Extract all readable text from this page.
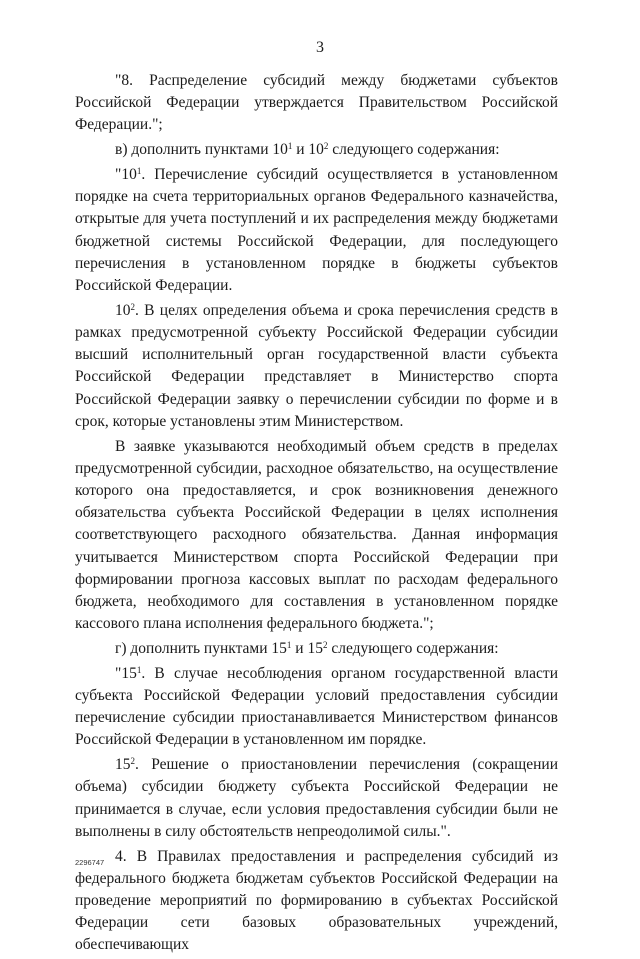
3

"8. Распределение субсидий между бюджетами субъектов Российской Федерации утверждается Правительством Российской Федерации.";

в) дополнить пунктами $10^1$ и $10^2$ следующего содержания:

"$10^1$. Перечисление субсидий осуществляется в установленном порядке на счета территориальных органов Федерального казначейства, открытые для учета поступлений и их распределения между бюджетами бюджетной системы Российской Федерации, для последующего перечисления в установленном порядке в бюджеты субъектов Российской Федерации.

$10^2$. В целях определения объема и срока перечисления средств в рамках предусмотренной субъекту Российской Федерации субсидии высший исполнительный орган государственной власти субъекта Российской Федерации представляет в Министерство спорта Российской Федерации заявку о перечислении субсидии по форме и в срок, которые установлены этим Министерством.

В заявке указываются необходимый объем средств в пределах предусмотренной субсидии, расходное обязательство, на осуществление которого она предоставляется, и срок возникновения денежного обязательства субъекта Российской Федерации в целях исполнения соответствующего расходного обязательства. Данная информация учитывается Министерством спорта Российской Федерации при формировании прогноза кассовых выплат по расходам федерального бюджета, необходимого для составления в установленном порядке кассового плана исполнения федерального бюджета.";

г) дополнить пунктами $15^1$ и $15^2$ следующего содержания:

"$15^1$. В случае несоблюдения органом государственной власти субъекта Российской Федерации условий предоставления субсидии перечисление субсидии приостанавливается Министерством финансов Российской Федерации в установленном им порядке.

$15^2$. Решение о приостановлении перечисления (сокращении объема) субсидии бюджету субъекта Российской Федерации не принимается в случае, если условия предоставления субсидии были не выполнены в силу обстоятельств непреодолимой силы.".

4. В Правилах предоставления и распределения субсидий из федерального бюджета бюджетам субъектов Российской Федерации на проведение мероприятий по формированию в субъектах Российской Федерации сети базовых образовательных учреждений, обеспечивающих

2296747
